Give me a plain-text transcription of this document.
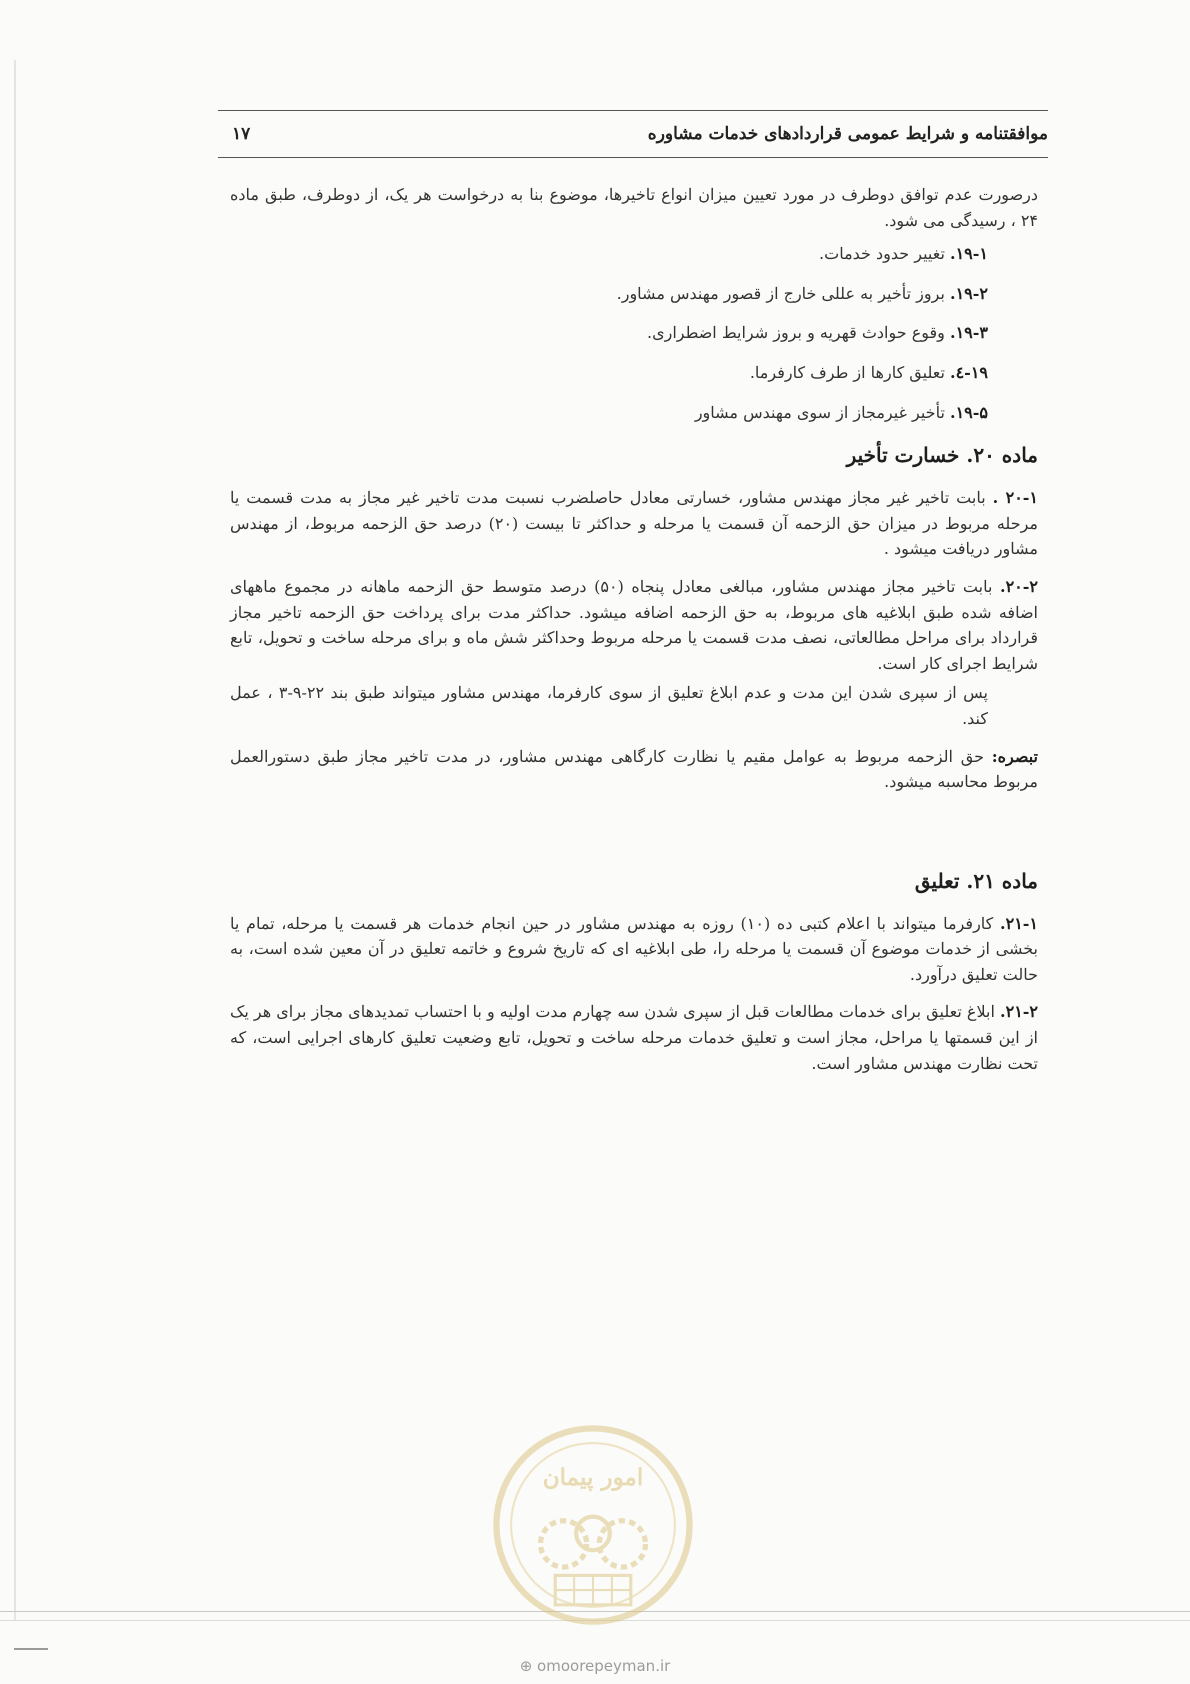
۱۷	موافقتنامه و شرایط عمومی قراردادهای خدمات مشاوره

درصورت عدم توافق دوطرف در مورد تعیین میزان انواع تاخیرها، موضوع بنا به درخواست هر یک، از دوطرف، طبق ماده ۲۴ ، رسیدگی می شود.

۱۹-۱. تغییر حدود خدمات.

۱۹-۲. بروز تأخیر به عللی خارج از قصور مهندس مشاور.

۱۹-۳. وقوع حوادث قهریه و بروز شرایط اضطراری.

۱۹-٤. تعلیق کارها از طرف کارفرما.

۱۹-۵. تأخیر غیرمجاز از سوی مهندس مشاور

ماده ۲۰. خسارت تأخیر

۲۰-۱ . بابت تاخیر غیر مجاز مهندس مشاور، خسارتی معادل حاصلضرب نسبت مدت تاخیر غیر مجاز به مدت قسمت یا مرحله مربوط در میزان حق الزحمه آن قسمت یا مرحله و حداکثر تا بیست (۲۰) درصد حق الزحمه مربوط، از مهندس مشاور دریافت میشود .

۲۰-۲. بابت تاخیر مجاز مهندس مشاور، مبالغی معادل پنجاه (۵۰) درصد متوسط حق الزحمه ماهانه در مجموع ماههای اضافه شده طبق ابلاغیه های مربوط، به حق الزحمه اضافه میشود. حداکثر مدت برای پرداخت حق الزحمه تاخیر مجاز قرارداد برای مراحل مطالعاتی، نصف مدت قسمت یا مرحله مربوط وحداکثر شش ماه و برای مرحله ساخت و تحویل، تابع شرایط اجرای کار است.

پس از سپری شدن این مدت و عدم ابلاغ تعلیق از سوی کارفرما، مهندس مشاور میتواند طبق بند ۲۲-۹-۳ ، عمل کند.

تبصره: حق الزحمه مربوط به عوامل مقیم یا نظارت کارگاهی مهندس مشاور، در مدت تاخیر مجاز طبق دستورالعمل مربوط محاسبه میشود.

ماده ۲۱. تعلیق

۲۱-۱. کارفرما میتواند با اعلام کتبی ده (۱۰) روزه به مهندس مشاور در حین انجام خدمات هر قسمت یا مرحله، تمام یا بخشی از خدمات موضوع آن قسمت یا مرحله را، طی ابلاغیه ای که تاریخ شروع و خاتمه تعلیق در آن معین شده است، به حالت تعلیق درآورد.

۲۱-۲. ابلاغ تعلیق برای خدمات مطالعات قبل از سپری شدن سه چهارم مدت اولیه و با احتساب تمدیدهای مجاز برای هر یک از این قسمتها یا مراحل، مجاز است و تعلیق خدمات مرحله ساخت و تحویل، تابع وضعیت تعلیق کارهای اجرایی است، که تحت نظارت مهندس مشاور است.

امور پیمان
⊕ omoorepeyman.ir
